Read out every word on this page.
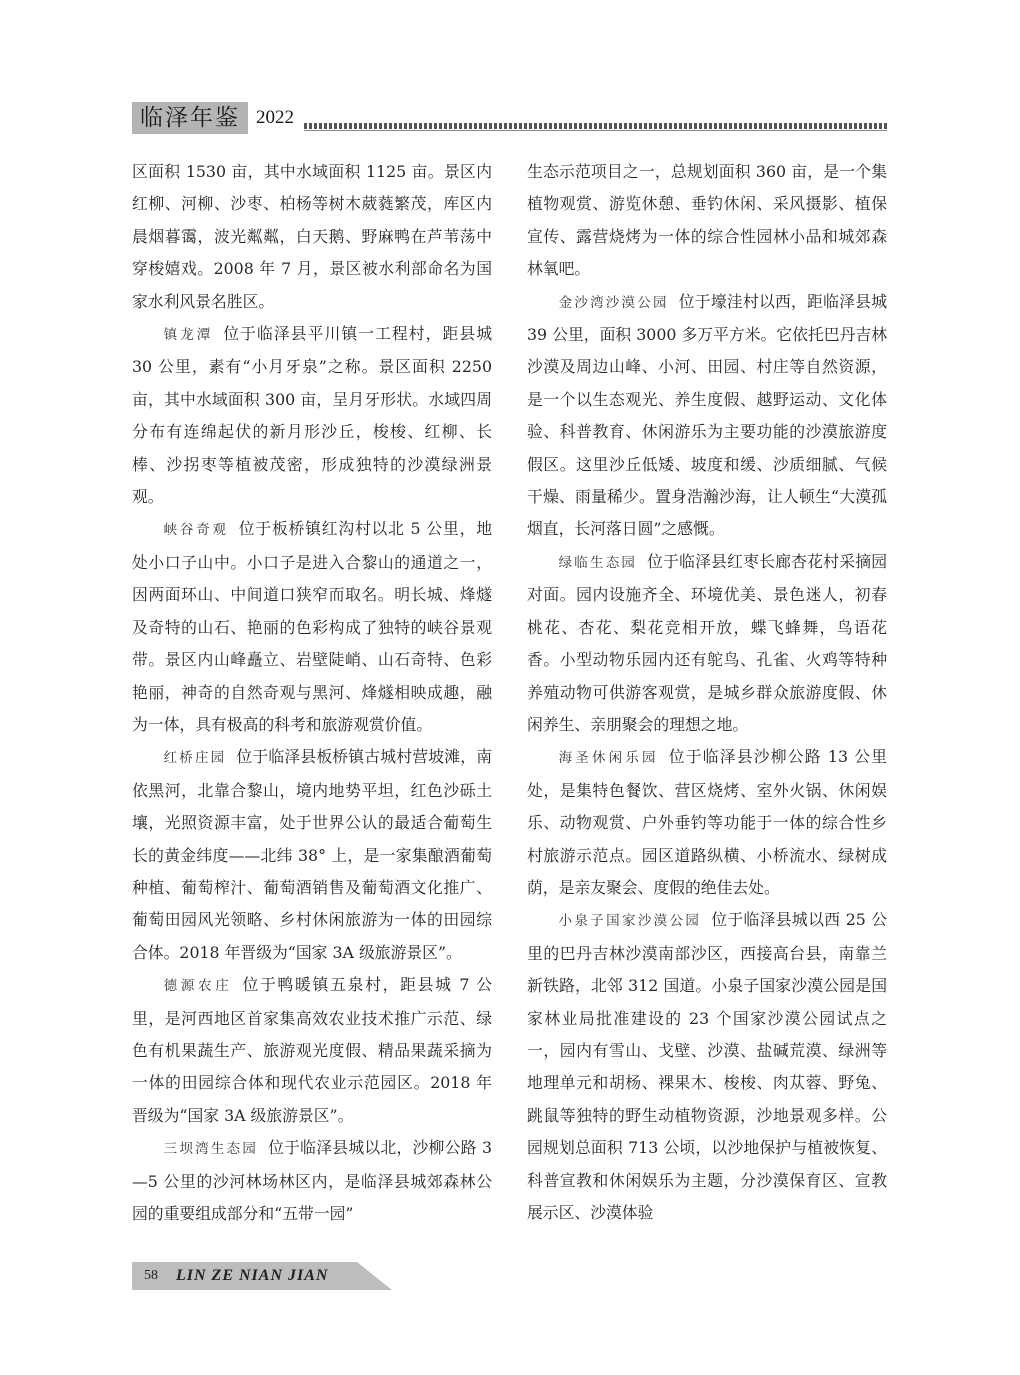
临泽年鉴 2022

区面积 1530 亩，其中水域面积 1125 亩。景区内红柳、河柳、沙枣、柏杨等树木葳蕤繁茂，库区内晨烟暮霭，波光粼粼，白天鹅、野麻鸭在芦苇荡中穿梭嬉戏。2008 年 7 月，景区被水利部命名为国家水利风景名胜区。

镇龙潭 位于临泽县平川镇一工程村，距县城 30 公里，素有“小月牙泉”之称。景区面积 2250 亩，其中水域面积 300 亩，呈月牙形状。水域四周分布有连绵起伏的新月形沙丘，梭梭、红柳、长棒、沙拐枣等植被茂密，形成独特的沙漠绿洲景观。

峡谷奇观 位于板桥镇红沟村以北 5 公里，地处小口子山中。小口子是进入合黎山的通道之一，因两面环山、中间道口狭窄而取名。明长城、烽燧及奇特的山石、艳丽的色彩构成了独特的峡谷景观带。景区内山峰矗立、岩壁陡峭、山石奇特、色彩艳丽，神奇的自然奇观与黑河、烽燧相映成趣，融为一体，具有极高的科考和旅游观赏价值。

红桥庄园 位于临泽县板桥镇古城村营坡滩，南依黑河，北靠合黎山，境内地势平坦，红色沙砾土壤，光照资源丰富，处于世界公认的最适合葡萄生长的黄金纬度——北纬 38° 上，是一家集酿酒葡萄种植、葡萄榨汁、葡萄酒销售及葡萄酒文化推广、葡萄田园风光领略、乡村休闲旅游为一体的田园综合体。2018 年晋级为“国家 3A 级旅游景区”。

德源农庄 位于鸭暖镇五泉村，距县城 7 公里，是河西地区首家集高效农业技术推广示范、绿色有机果蔬生产、旅游观光度假、精品果蔬采摘为一体的田园综合体和现代农业示范园区。2018 年晋级为“国家 3A 级旅游景区”。

三坝湾生态园 位于临泽县城以北，沙柳公路 3—5 公里的沙河林场林区内，是临泽县城郊森林公园的重要组成部分和“五带一园”

生态示范项目之一，总规划面积 360 亩，是一个集植物观赏、游览休憩、垂钓休闲、采风摄影、植保宣传、露营烧烤为一体的综合性园林小品和城郊森林氧吧。

金沙湾沙漠公园 位于壕洼村以西，距临泽县城 39 公里，面积 3000 多万平方米。它依托巴丹吉林沙漠及周边山峰、小河、田园、村庄等自然资源，是一个以生态观光、养生度假、越野运动、文化体验、科普教育、休闲游乐为主要功能的沙漠旅游度假区。这里沙丘低矮、坡度和缓、沙质细腻、气候干燥、雨量稀少。置身浩瀚沙海，让人顿生“大漠孤烟直，长河落日圆”之感慨。

绿临生态园 位于临泽县红枣长廊杏花村采摘园对面。园内设施齐全、环境优美、景色迷人，初春桃花、杏花、梨花竞相开放，蝶飞蜂舞，鸟语花香。小型动物乐园内还有鸵鸟、孔雀、火鸡等特种养殖动物可供游客观赏，是城乡群众旅游度假、休闲养生、亲朋聚会的理想之地。

海圣休闲乐园 位于临泽县沙柳公路 13 公里处，是集特色餐饮、营区烧烤、室外火锅、休闲娱乐、动物观赏、户外垂钓等功能于一体的综合性乡村旅游示范点。园区道路纵横、小桥流水、绿树成荫，是亲友聚会、度假的绝佳去处。

小泉子国家沙漠公园 位于临泽县城以西 25 公里的巴丹吉林沙漠南部沙区，西接高台县，南靠兰新铁路，北邻 312 国道。小泉子国家沙漠公园是国家林业局批准建设的 23 个国家沙漠公园试点之一，园内有雪山、戈壁、沙漠、盐碱荒漠、绿洲等地理单元和胡杨、裸果木、梭梭、肉苁蓉、野兔、跳鼠等独特的野生动植物资源，沙地景观多样。公园规划总面积 713 公顷，以沙地保护与植被恢复、科普宣教和休闲娱乐为主题，分沙漠保育区、宣教展示区、沙漠体验

58 LIN ZE NIAN JIAN
